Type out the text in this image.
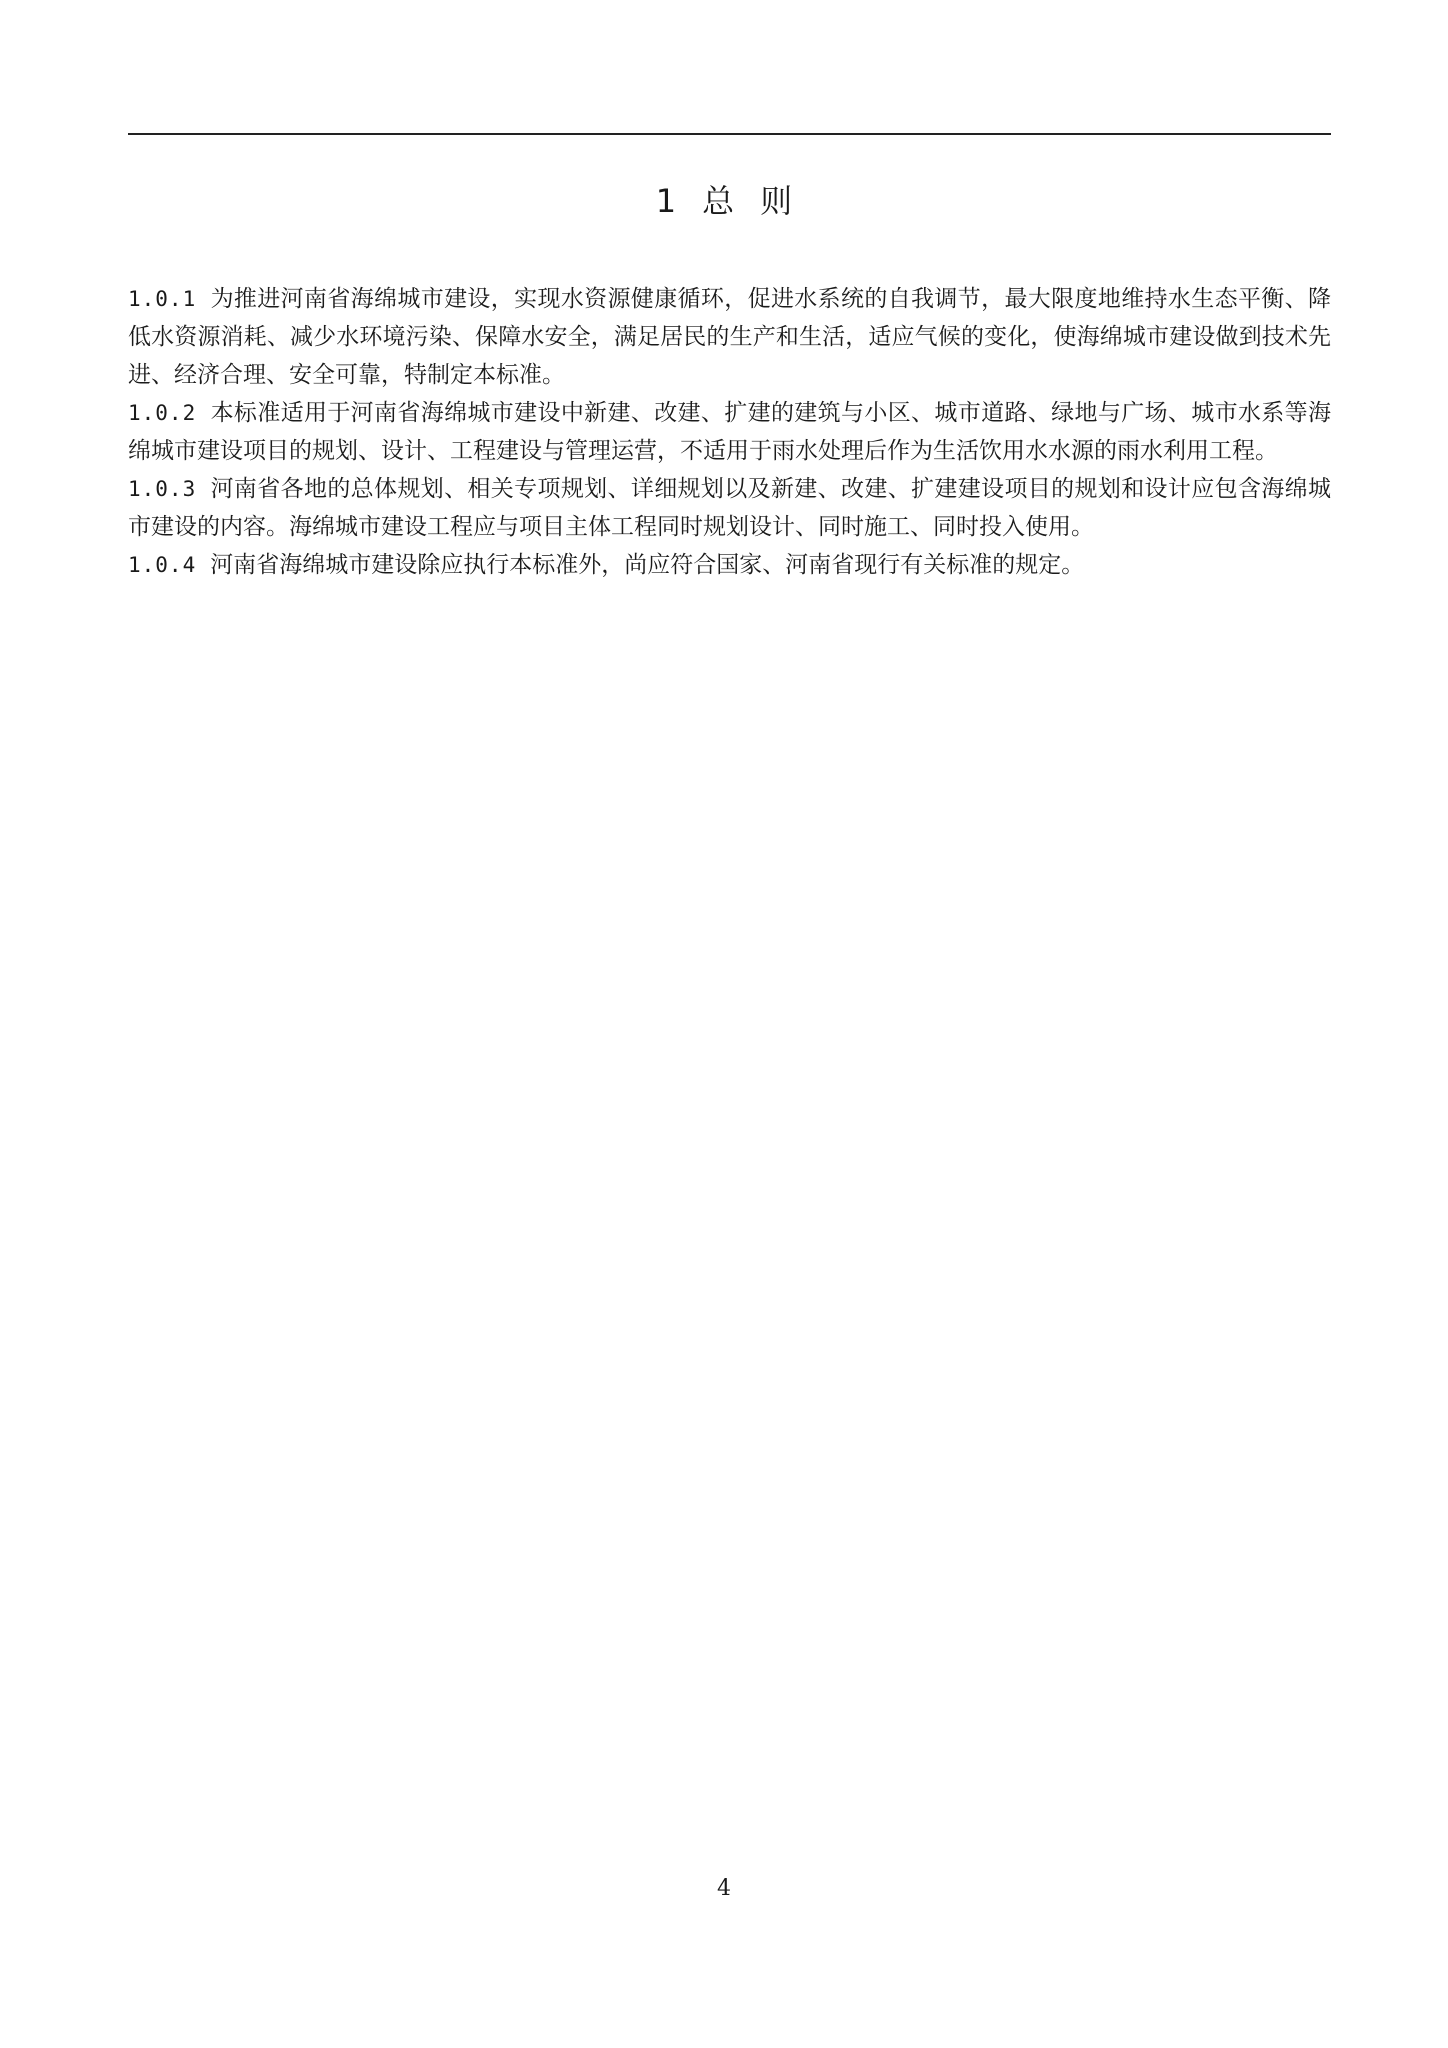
1 总 则

1.0.1 为推进河南省海绵城市建设，实现水资源健康循环，促进水系统的自我调节，最大限度地维持水生态平衡、降低水资源消耗、减少水环境污染、保障水安全，满足居民的生产和生活，适应气候的变化，使海绵城市建设做到技术先进、经济合理、安全可靠，特制定本标准。

1.0.2 本标准适用于河南省海绵城市建设中新建、改建、扩建的建筑与小区、城市道路、绿地与广场、城市水系等海绵城市建设项目的规划、设计、工程建设与管理运营，不适用于雨水处理后作为生活饮用水水源的雨水利用工程。

1.0.3 河南省各地的总体规划、相关专项规划、详细规划以及新建、改建、扩建建设项目的规划和设计应包含海绵城市建设的内容。海绵城市建设工程应与项目主体工程同时规划设计、同时施工、同时投入使用。

1.0.4 河南省海绵城市建设除应执行本标准外，尚应符合国家、河南省现行有关标准的规定。

4
